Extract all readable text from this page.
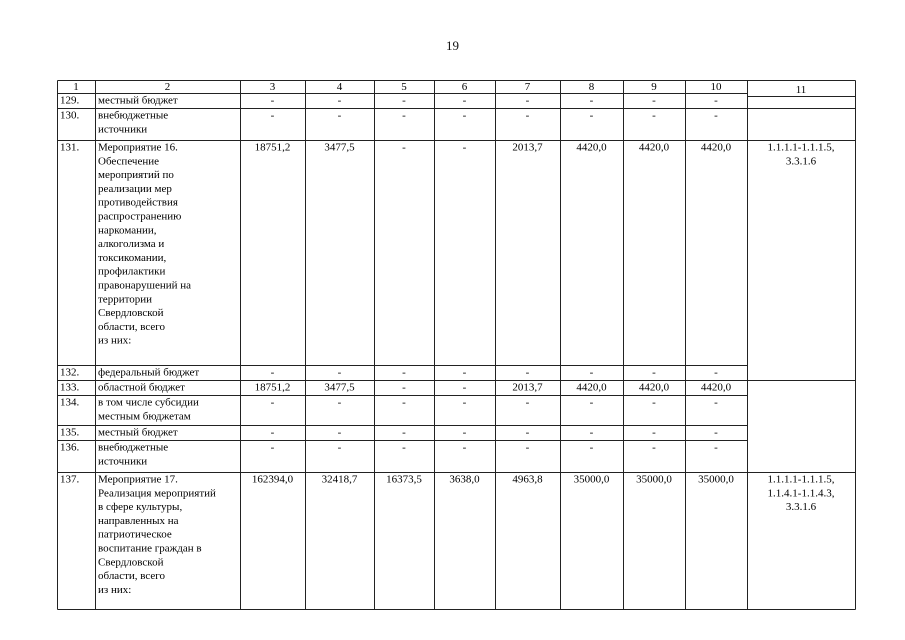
19
1	2	3	4	5	6	7	8	9	10	11
129. местный бюджет	-	-	-	-	-	-	-	-
130. внебюджетные
источники
-	-	-	-	-	-	-	-
131. Мероприятие 16.
Обеспечение
мероприятий по
реализации мер
противодействия
распространению
наркомании,
алкоголизма и
токсикомании,
профилактики
правонарушений на
территории
Свердловской
области, всего
из них:
18751,2	3477,5	-	-	2013,7	4420,0	4420,0	4420,0	1.1.1.1-1.1.1.5,
3.3.1.6
132. федеральный бюджет	-	-	-	-	-	-	-	-
133. областной бюджет	18751,2	3477,5	-	-	2013,7	4420,0	4420,0	4420,0
134. в том числе субсидии
местным бюджетам
-	-	-	-	-	-	-	-
135. местный бюджет	-	-	-	-	-	-	-	-
136. внебюджетные
источники
-	-	-	-	-	-	-	-
137. Мероприятие 17.
Реализация мероприятий
в сфере культуры,
направленных на
патриотическое
воспитание граждан в
Свердловской
области, всего
из них:
162394,0	32418,7	16373,5	3638,0	4963,8	35000,0 35000,0 35000,0	1.1.1.1-1.1.1.5,
1.1.4.1-1.1.4.3,
3.3.1.6
